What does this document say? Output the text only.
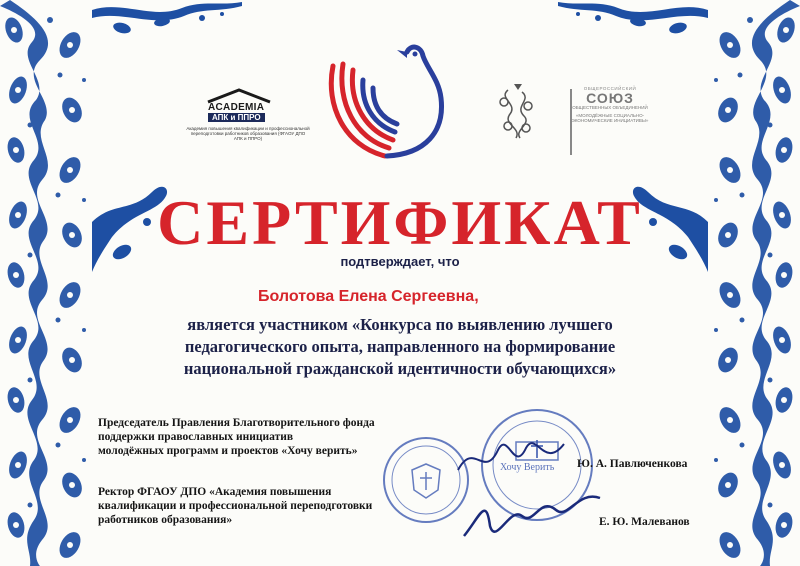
ACADEMIA
АПК и ППРО
Академия повышения квалификации и профессиональной переподготовки работников образования (ФГАОУ ДПО АПК и ППРО)
ОБЩЕРОССИЙСКИЙ
СОЮЗ
ОБЩЕСТВЕННЫХ ОБЪЕДИНЕНИЙ
«МОЛОДЁЖНЫЕ СОЦИАЛЬНО-ЭКОНОМИЧЕСКИЕ ИНИЦИАТИВЫ»
СЕРТИФИКАТ
подтверждает, что
Болотова Елена Сергеевна,
является участником «Конкурса по выявлению лучшего
педагогического опыта, направленного на формирование
национальной гражданской идентичности обучающихся»
Хочу Верить
Председатель Правления Благотворительного фонда
поддержки православных инициатив
молодёжных программ и проектов «Хочу верить»
Ю. А. Павлюченкова
Ректор ФГАОУ ДПО «Академия повышения
квалификации и профессиональной переподготовки
работников образования»	Е. Ю. Малеванов
